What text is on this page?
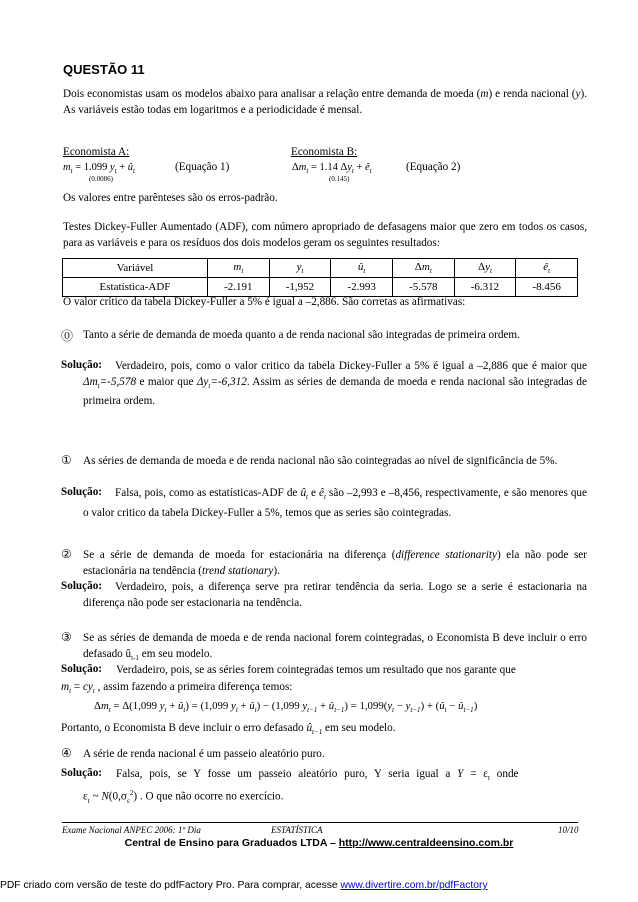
QUESTÃO 11
Dois economistas usam os modelos abaixo para analisar a relação entre demanda de moeda (m) e renda nacional (y). As variáveis estão todas em logaritmos e a periodicidade é mensal.
Economista A:
$m_t = 1.099$ $y_t$ + $û_t$
(0.0086)
(Equação 1)
Economista B:
$\Delta m_t = 1.14$ $\Delta y_t$ + $ê_t$
(0.145)
(Equação 2)
Os valores entre parênteses são os erros-padrão.
Testes Dickey-Fuller Aumentado (ADF), com número apropriado de defasagens maior que zero em todos os casos, para as variáveis e para os resíduos dos dois modelos geram os seguintes resultados:
Variável	$m_t$	$y_t$	$û_t$	$\Delta m_t$	$\Delta y_t$	$ê_t$
Estatística-ADF	-2.191	-1,952	-2.993	-5.578	-6.312	-8.456
O valor crítico da tabela Dickey-Fuller a 5% é igual a –2,886. São corretas as afirmativas:
⓪ Tanto a série de demanda de moeda quanto a de renda nacional são integradas de primeira ordem.
Solução:	Verdadeiro, pois, como o valor critico da tabela Dickey-Fuller a 5% é igual a –2,886 que é maior que $\Delta m_t=-5,578$ e maior que $\Delta y_t=-6,312$. Assim as séries de demanda de moeda e renda nacional são integradas de primeira ordem.
① As séries de demanda de moeda e de renda nacional não são cointegradas ao nível de significância de 5%.
Solução:	Falsa, pois, como as estatísticas-ADF de $û_t$ e $ê_t$ são –2,993 e –8,456, respectivamente, e são menores que o valor critico da tabela Dickey-Fuller a 5%, temos que as series são cointegradas.
② Se a série de demanda de moeda for estacionária na diferença (difference stationarity) ela não pode ser estacionária na tendência (trend stationary).
Solução:	Verdadeiro, pois, a diferença serve pra retirar tendência da seria. Logo se a serie é estacionaria na diferença não pode ser estacionaria na tendência.
③ Se as séries de demanda de moeda e de renda nacional forem cointegradas, o Economista B deve incluir o erro defasado $û_{t-1}$ em seu modelo.
Solução: Verdadeiro, pois, se as séries forem cointegradas temos um resultado que nos garante que
$m_t = cy_t$ , assim fazendo a primeira diferença temos:
$\Delta m_t = \Delta(1,099$ $y_t$ + $û_t) = (1,099$ $y_t$ + $û_t) - (1,099$ $y_{t-1}$ + $û_{t-1}) = 1,099(y_t - y_{t-1})$ + ($û_t$ − $û_{t-1}$)
Portanto, o Economista B deve incluir o erro defasado $û_{t-1}$ em seu modelo.
④ A série de renda nacional é um passeio aleatório puro.
Solução: Falsa, pois, se Y fosse um passeio aleatório puro, Y seria igual a $Y = \varepsilon_t$ onde
$\varepsilon_t$ ~ $N(0,\sigma_\varepsilon^2)$ . O que não ocorre no exercício.
Exame Nacional ANPEC 2006: 1º Dia	ESTATÍSTICA	10/10
Central de Ensino para Graduados LTDA – http://www.centraldeensino.com.br
PDF criado com versão de teste do pdfFactory Pro. Para comprar, acesse www.divertire.com.br/pdfFactory
